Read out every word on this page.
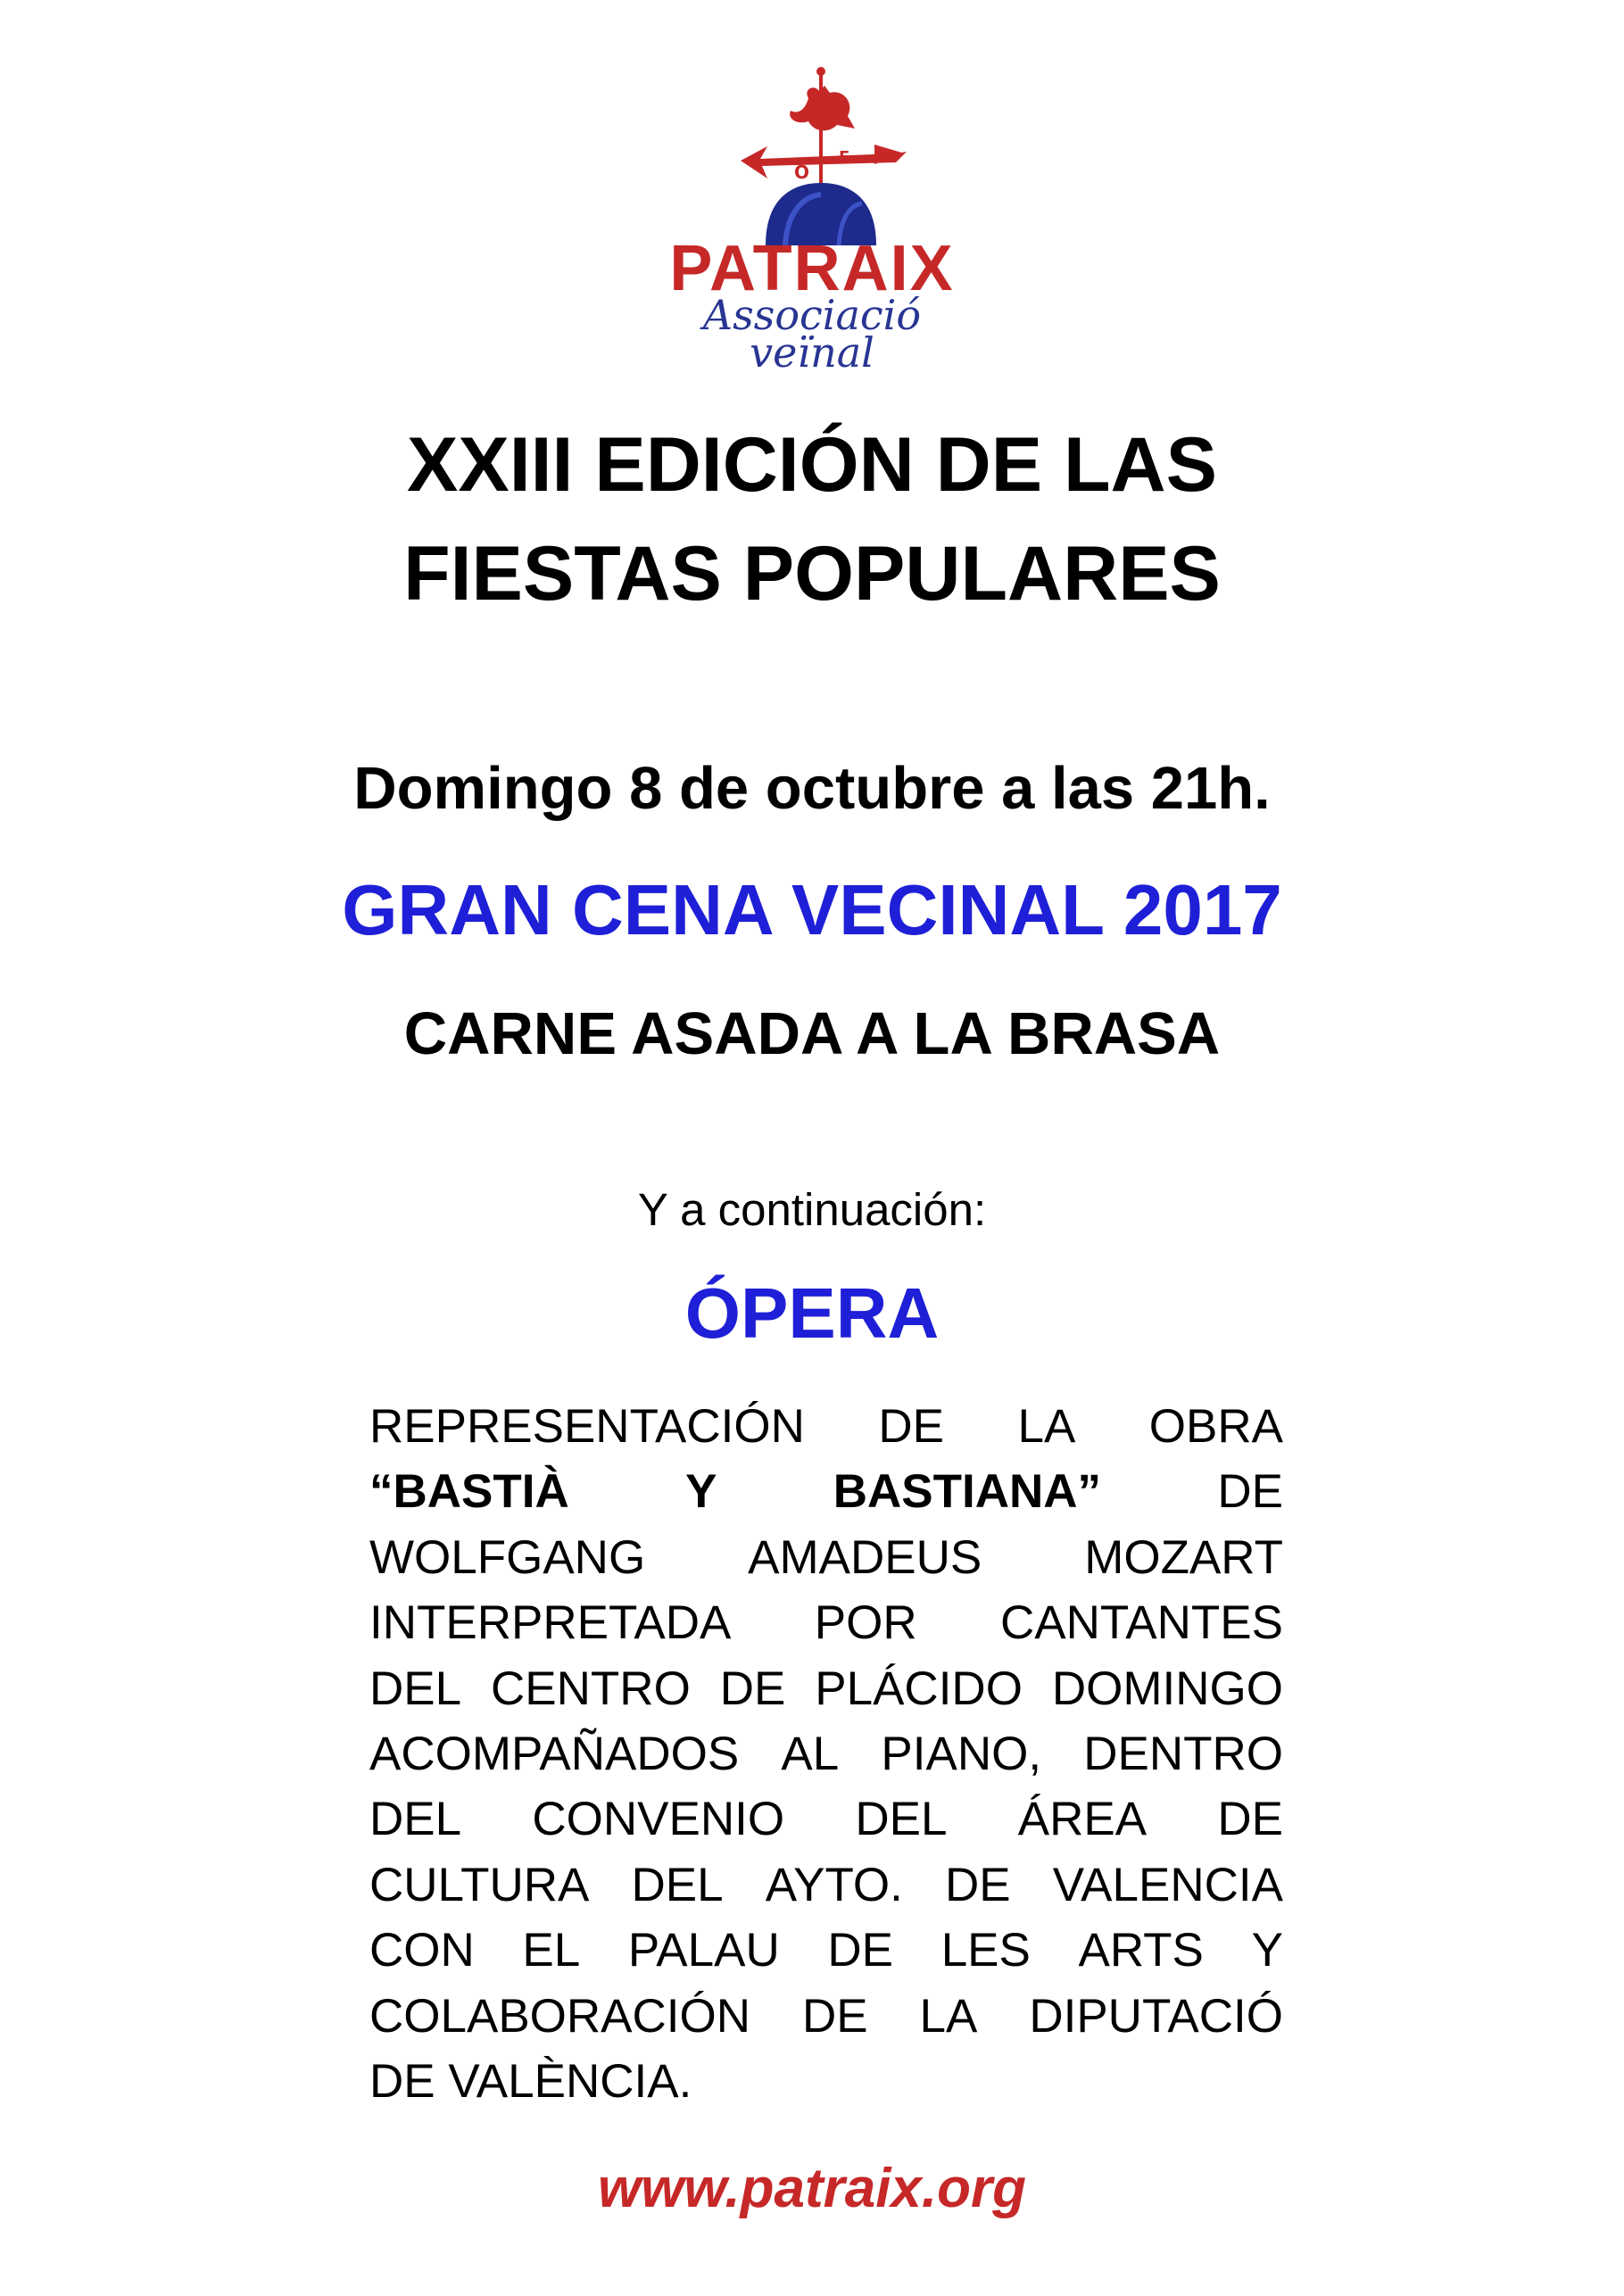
O
E
PATRAIX
Associació
veïnal
XXIII EDICIÓN DE LAS
FIESTAS POPULARES
Domingo 8 de octubre a las 21h.
GRAN CENA VECINAL 2017
CARNE ASADA A LA BRASA
Y a continuación:
ÓPERA
REPRESENTACIÓN DE LA OBRA
“BASTIÀ Y BASTIANA” DE
WOLFGANG AMADEUS MOZART
INTERPRETADA POR CANTANTES
DEL CENTRO DE PLÁCIDO DOMINGO
ACOMPAÑADOS AL PIANO, DENTRO
DEL CONVENIO DEL ÁREA DE
CULTURA DEL AYTO. DE VALENCIA
CON EL PALAU DE LES ARTS Y
COLABORACIÓN DE LA DIPUTACIÓ
DE VALÈNCIA.
www.patraix.org
